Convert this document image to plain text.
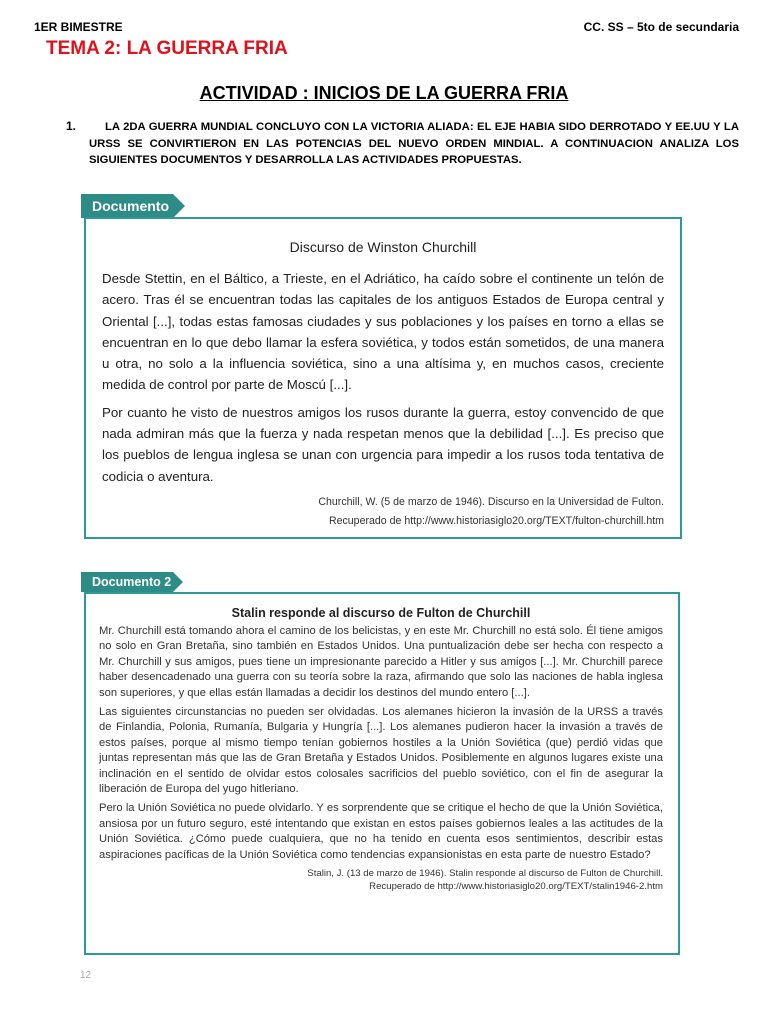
1ER BIMESTRE	CC. SS – 5to de secundaria
TEMA 2: LA GUERRA FRIA
ACTIVIDAD : INICIOS DE LA GUERRA FRIA
1.	LA 2DA GUERRA MUNDIAL CONCLUYO CON LA VICTORIA ALIADA: EL EJE HABIA SIDO DERROTADO Y EE.UU Y LA URSS SE CONVIRTIERON EN LAS POTENCIAS DEL NUEVO ORDEN MINDIAL. A CONTINUACION ANALIZA LOS SIGUIENTES DOCUMENTOS Y DESARROLLA LAS ACTIVIDADES PROPUESTAS.
Documento
Discurso de Winston Churchill

Desde Stettin, en el Báltico, a Trieste, en el Adriático, ha caído sobre el continente un telón de acero. Tras él se encuentran todas las capitales de los antiguos Estados de Europa central y Oriental [...], todas estas famosas ciudades y sus poblaciones y los países en torno a ellas se encuentran en lo que debo llamar la esfera soviética, y todos están sometidos, de una manera u otra, no solo a la influencia soviética, sino a una altísima y, en muchos casos, creciente medida de control por parte de Moscú [...].

Por cuanto he visto de nuestros amigos los rusos durante la guerra, estoy convencido de que nada admiran más que la fuerza y nada respetan menos que la debilidad [...]. Es preciso que los pueblos de lengua inglesa se unan con urgencia para impedir a los rusos toda tentativa de codicia o aventura.

Churchill, W. (5 de marzo de 1946). Discurso en la Universidad de Fulton.
Recuperado de http://www.historiasiglo20.org/TEXT/fulton-churchill.htm
Documento 2
Stalin responde al discurso de Fulton de Churchill

Mr. Churchill está tomando ahora el camino de los belicistas, y en este Mr. Churchill no está solo. Él tiene amigos no solo en Gran Bretaña, sino también en Estados Unidos. Una puntualización debe ser hecha con respecto a Mr. Churchill y sus amigos, pues tiene un impresionante parecido a Hitler y sus amigos [...]. Mr. Churchill parece haber desencadenado una guerra con su teoría sobre la raza, afirmando que solo las naciones de habla inglesa son superiores, y que ellas están llamadas a decidir los destinos del mundo entero [...].

Las siguientes circunstancias no pueden ser olvidadas. Los alemanes hicieron la invasión de la URSS a través de Finlandia, Polonia, Rumanía, Bulgaria y Hungría [...]. Los alemanes pudieron hacer la invasión a través de estos países, porque al mismo tiempo tenían gobiernos hostiles a la Unión Soviética (que) perdió vidas que juntas representan más que las de Gran Bretaña y Estados Unidos. Posiblemente en algunos lugares existe una inclinación en el sentido de olvidar estos colosales sacrificios del pueblo soviético, con el fin de asegurar la liberación de Europa del yugo hitleriano.

Pero la Unión Soviética no puede olvidarlo. Y es sorprendente que se critique el hecho de que la Unión Soviética, ansiosa por un futuro seguro, esté intentando que existan en estos países gobiernos leales a las actitudes de la Unión Soviética. ¿Cómo puede cualquiera, que no ha tenido en cuenta esos sentimientos, describir estas aspiraciones pacíficas de la Unión Soviética como tendencias expansionistas en esta parte de nuestro Estado?

Stalin, J. (13 de marzo de 1946). Stalin responde al discurso de Fulton de Churchill.
Recuperado de http://www.historiasiglo20.org/TEXT/stalin1946-2.htm
12
